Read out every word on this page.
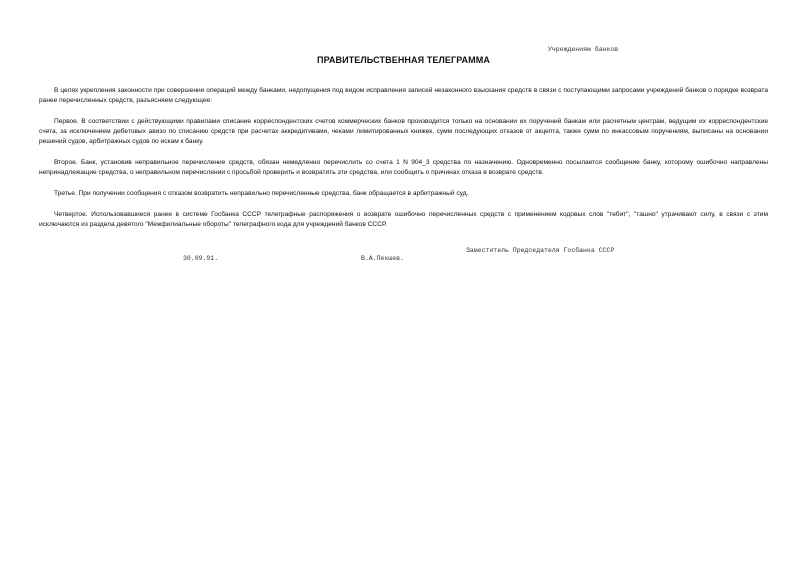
Учреждениям банков
ПРАВИТЕЛЬСТВЕННАЯ ТЕЛЕГРАММА

В целях укрепления законности при совершении операций между банками, недопущения под видом исправления записей незаконного взыскания средств в связи с поступающими запросами учреждений банков о порядке возврата ранее перечисленных средств, разъясняем следующее:

Первое. В соответствии с действующими правилами списание корреспондентских счетов коммерческих банков производится только на основании их поручений банкам или расчетным центрам, ведущим их корреспондентские счета, за исключением дебетовых авизо по списанию средств при расчетах аккредитивами, чеками лимитированных книжек, сумм последующих отказов от акцепта, также сумм по инкассовым поручениям, выписаны на основании решений судов, арбитражных судов по искам к банку.

Второе. Банк, установив неправильное перечисление средств, обязан немедленно перечислить со счета 1 N 904_3 средства по назначению. Одновременно посылается сообщение банку, которому ошибочно направлены непринадлежащие средства, о неправильном перечислении с просьбой проверить и возвратить эти средства, или сообщить о причинах отказа в возврате средств.

Третье. При получении сообщения с отказом возвратить неправильно перечисленные средства, банк обращается в арбитражный суд.

Четвертое. Использовавшиеся ранее в системе Госбанка СССР телеграфные распоряжения о возврате ошибочно перечисленных средств с применением кодовых слов "тебит", "ташно" утрачивают силу, в связи с этим исключаются из раздела девятого "Межфилиальные обороты" телеграфного кода для учреждений банков СССР.

Заместитель Председателя Госбанка СССР
30.09.91.	В.А.Пекшев.
